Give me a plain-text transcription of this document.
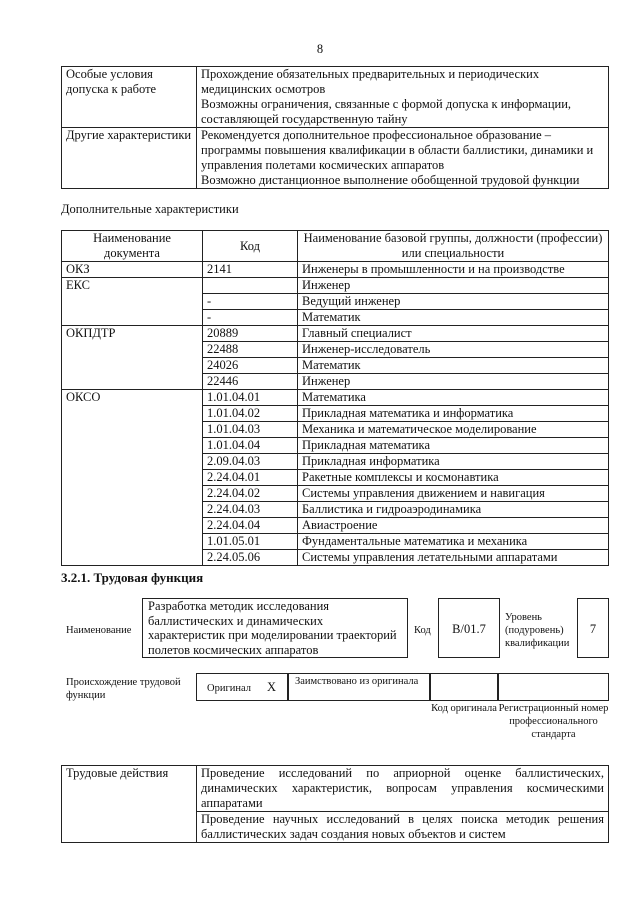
8
Особые условия допуска к работе	Прохождение обязательных предварительных и периодических медицинских осмотров
Возможны ограничения, связанные с формой допуска к информации, составляющей государственную тайну

Другие характеристики	Рекомендуется дополнительное профессиональное образование – программы повышения квалификации в области баллистики, динамики и управления полетами космических аппаратов
Возможно дистанционное выполнение обобщенной трудовой функции
Дополнительные характеристики
Наименование документа	Код	Наименование базовой группы, должности (профессии) или специальности
ОКЗ	2141	Инженеры в промышленности и на производстве
ЕКС		Инженер
	-	Ведущий инженер
	-	Математик
ОКПДТР	20889	Главный специалист
	22488	Инженер-исследователь
	24026	Математик
	22446	Инженер
ОКСО	1.01.04.01	Математика
	1.01.04.02	Прикладная математика и информатика
	1.01.04.03	Механика и математическое моделирование
	1.01.04.04	Прикладная математика
	2.09.04.03	Прикладная информатика
	2.24.04.01	Ракетные комплексы и космонавтика
	2.24.04.02	Системы управления движением и навигация
	2.24.04.03	Баллистика и гидроаэродинамика
	2.24.04.04	Авиастроение
	1.01.05.01	Фундаментальные математика и механика
	2.24.05.06	Системы управления летательными аппаратами
3.2.1. Трудовая функция
Наименование
Разработка методик исследования баллистических и динамических характеристик при моделировании траекторий полетов космических аппаратов
Код	B/01.7
Уровень (подуровень) квалификации
7
Происхождение трудовой функции
Оригинал X	Заимствовано из оригинала
Код оригинала Регистрационный номер профессионального стандарта
Трудовые действия	Проведение исследований по априорной оценке баллистических, динамических характеристик, вопросам управления космическими аппаратами
Проведение научных исследований в целях поиска методик решения баллистических задач создания новых объектов и систем
